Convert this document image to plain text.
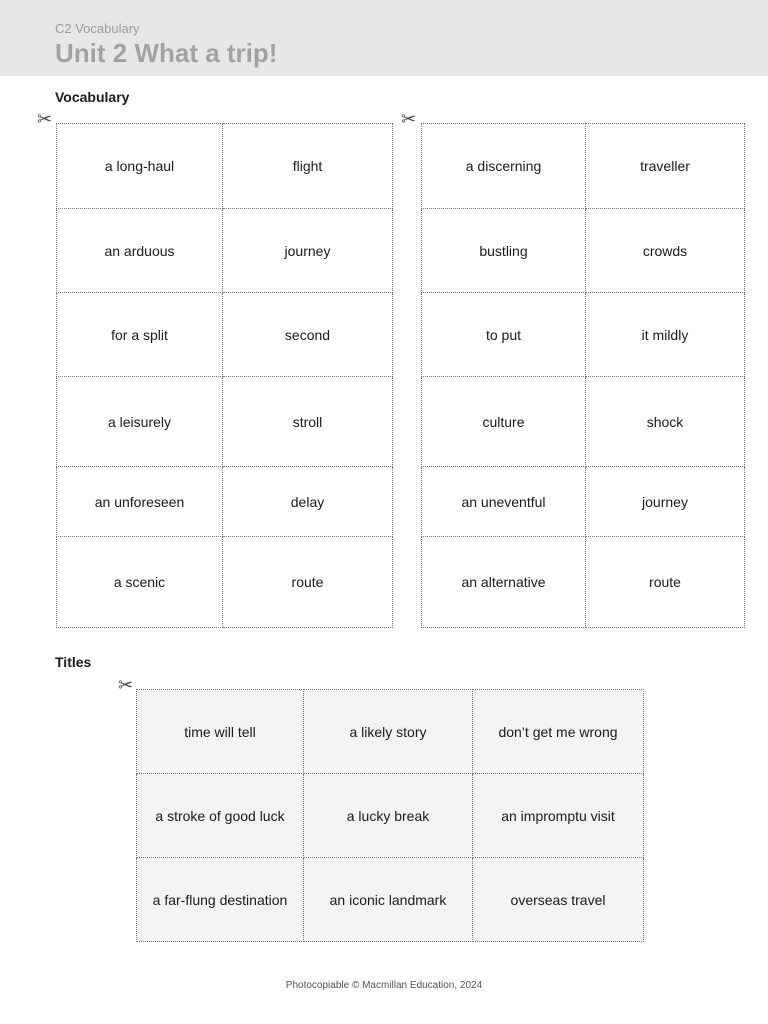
C2 Vocabulary
Unit 2 What a trip!
Vocabulary
✂
a long-haul	flight
an arduous	journey
for a split	second
a leisurely	stroll
an unforeseen	delay
a scenic	route
✂
a discerning	traveller
bustling	crowds
to put	it mildly
culture	shock
an uneventful	journey
an alternative	route
Titles
✂
time will tell	a likely story	don’t get me wrong
a stroke of good luck	a lucky break	an impromptu visit
a far-flung destination	an iconic landmark	overseas travel
Photocopiable © Macmillan Education, 2024
